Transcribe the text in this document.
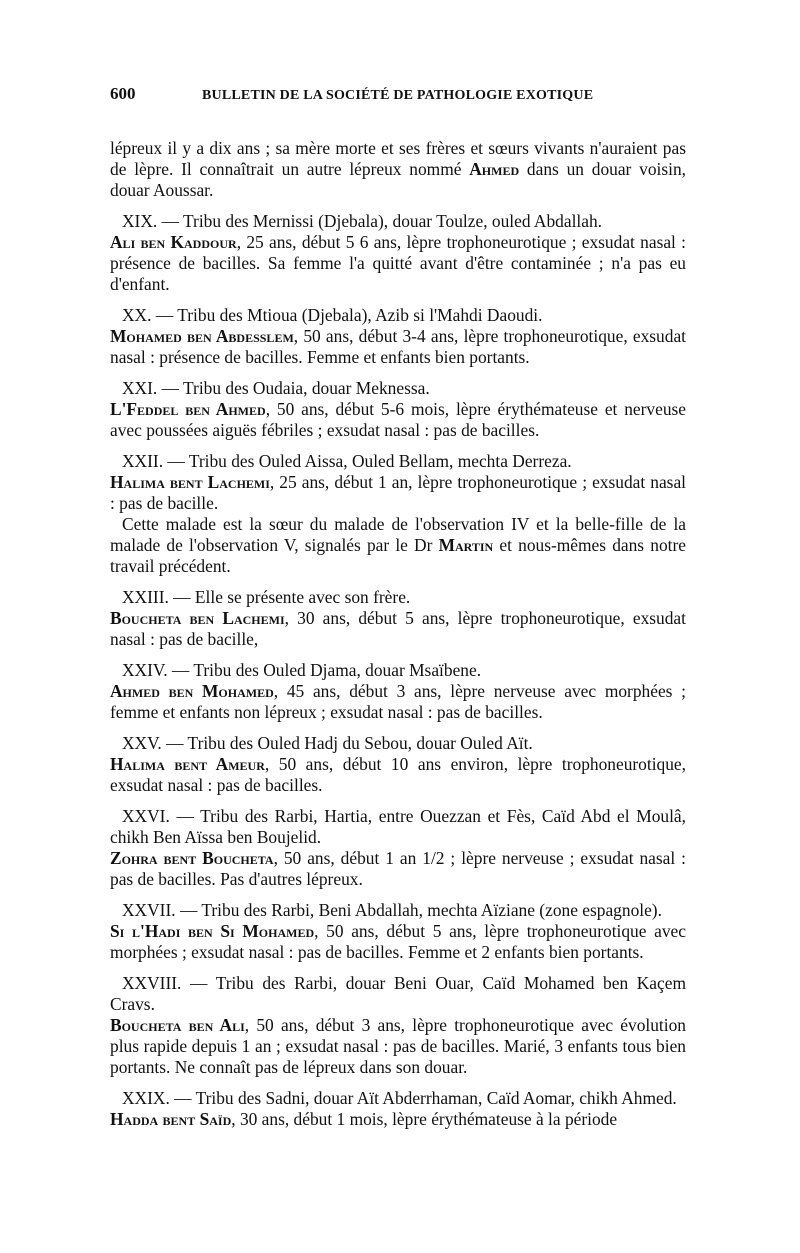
600	BULLETIN DE LA SOCIÉTÉ DE PATHOLOGIE EXOTIQUE

lépreux il y a dix ans ; sa mère morte et ses frères et sœurs vivants n'auraient pas de lèpre. Il connaîtrait un autre lépreux nommé Ahmed dans un douar voisin, douar Aoussar.

XIX. — Tribu des Mernissi (Djebala), douar Toulze, ouled Abdallah.

Ali ben Kaddour, 25 ans, début 5 6 ans, lèpre trophoneurotique ; exsudat nasal : présence de bacilles. Sa femme l'a quitté avant d'être contaminée ; n'a pas eu d'enfant.

XX. — Tribu des Mtioua (Djebala), Azib si l'Mahdi Daoudi.

Mohamed ben Abdesslem, 50 ans, début 3-4 ans, lèpre trophoneurotique, exsudat nasal : présence de bacilles. Femme et enfants bien portants.

XXI. — Tribu des Oudaia, douar Meknessa.

L'Feddel ben Ahmed, 50 ans, début 5-6 mois, lèpre érythémateuse et nerveuse avec poussées aiguës fébriles ; exsudat nasal : pas de bacilles.

XXII. — Tribu des Ouled Aissa, Ouled Bellam, mechta Derreza.

Halima bent Lachemi, 25 ans, début 1 an, lèpre trophoneurotique ; exsudat nasal : pas de bacille.

Cette malade est la sœur du malade de l'observation IV et la belle-fille de la malade de l'observation V, signalés par le Dr Martin et nous-mêmes dans notre travail précédent.

XXIII. — Elle se présente avec son frère.

Boucheta ben Lachemi, 30 ans, début 5 ans, lèpre trophoneurotique, exsudat nasal : pas de bacille,

XXIV. — Tribu des Ouled Djama, douar Msaïbene.

Ahmed ben Mohamed, 45 ans, début 3 ans, lèpre nerveuse avec morphées ; femme et enfants non lépreux ; exsudat nasal : pas de bacilles.

XXV. — Tribu des Ouled Hadj du Sebou, douar Ouled Aït.

Halima bent Ameur, 50 ans, début 10 ans environ, lèpre trophoneurotique, exsudat nasal : pas de bacilles.

XXVI. — Tribu des Rarbi, Hartia, entre Ouezzan et Fès, Caïd Abd el Moulâ, chikh Ben Aïssa ben Boujelid.

Zohra bent Boucheta, 50 ans, début 1 an 1/2 ; lèpre nerveuse ; exsudat nasal : pas de bacilles. Pas d'autres lépreux.

XXVII. — Tribu des Rarbi, Beni Abdallah, mechta Aïziane (zone espagnole).

Si l'Hadi ben Si Mohamed, 50 ans, début 5 ans, lèpre trophoneurotique avec morphées ; exsudat nasal : pas de bacilles. Femme et 2 enfants bien portants.

XXVIII. — Tribu des Rarbi, douar Beni Ouar, Caïd Mohamed ben Kaçem Cravs.

Boucheta ben Ali, 50 ans, début 3 ans, lèpre trophoneurotique avec évolution plus rapide depuis 1 an ; exsudat nasal : pas de bacilles. Marié, 3 enfants tous bien portants. Ne connaît pas de lépreux dans son douar.

XXIX. — Tribu des Sadni, douar Aït Abderrhaman, Caïd Aomar, chikh Ahmed.

Hadda bent Saïd, 30 ans, début 1 mois, lèpre érythémateuse à la période
